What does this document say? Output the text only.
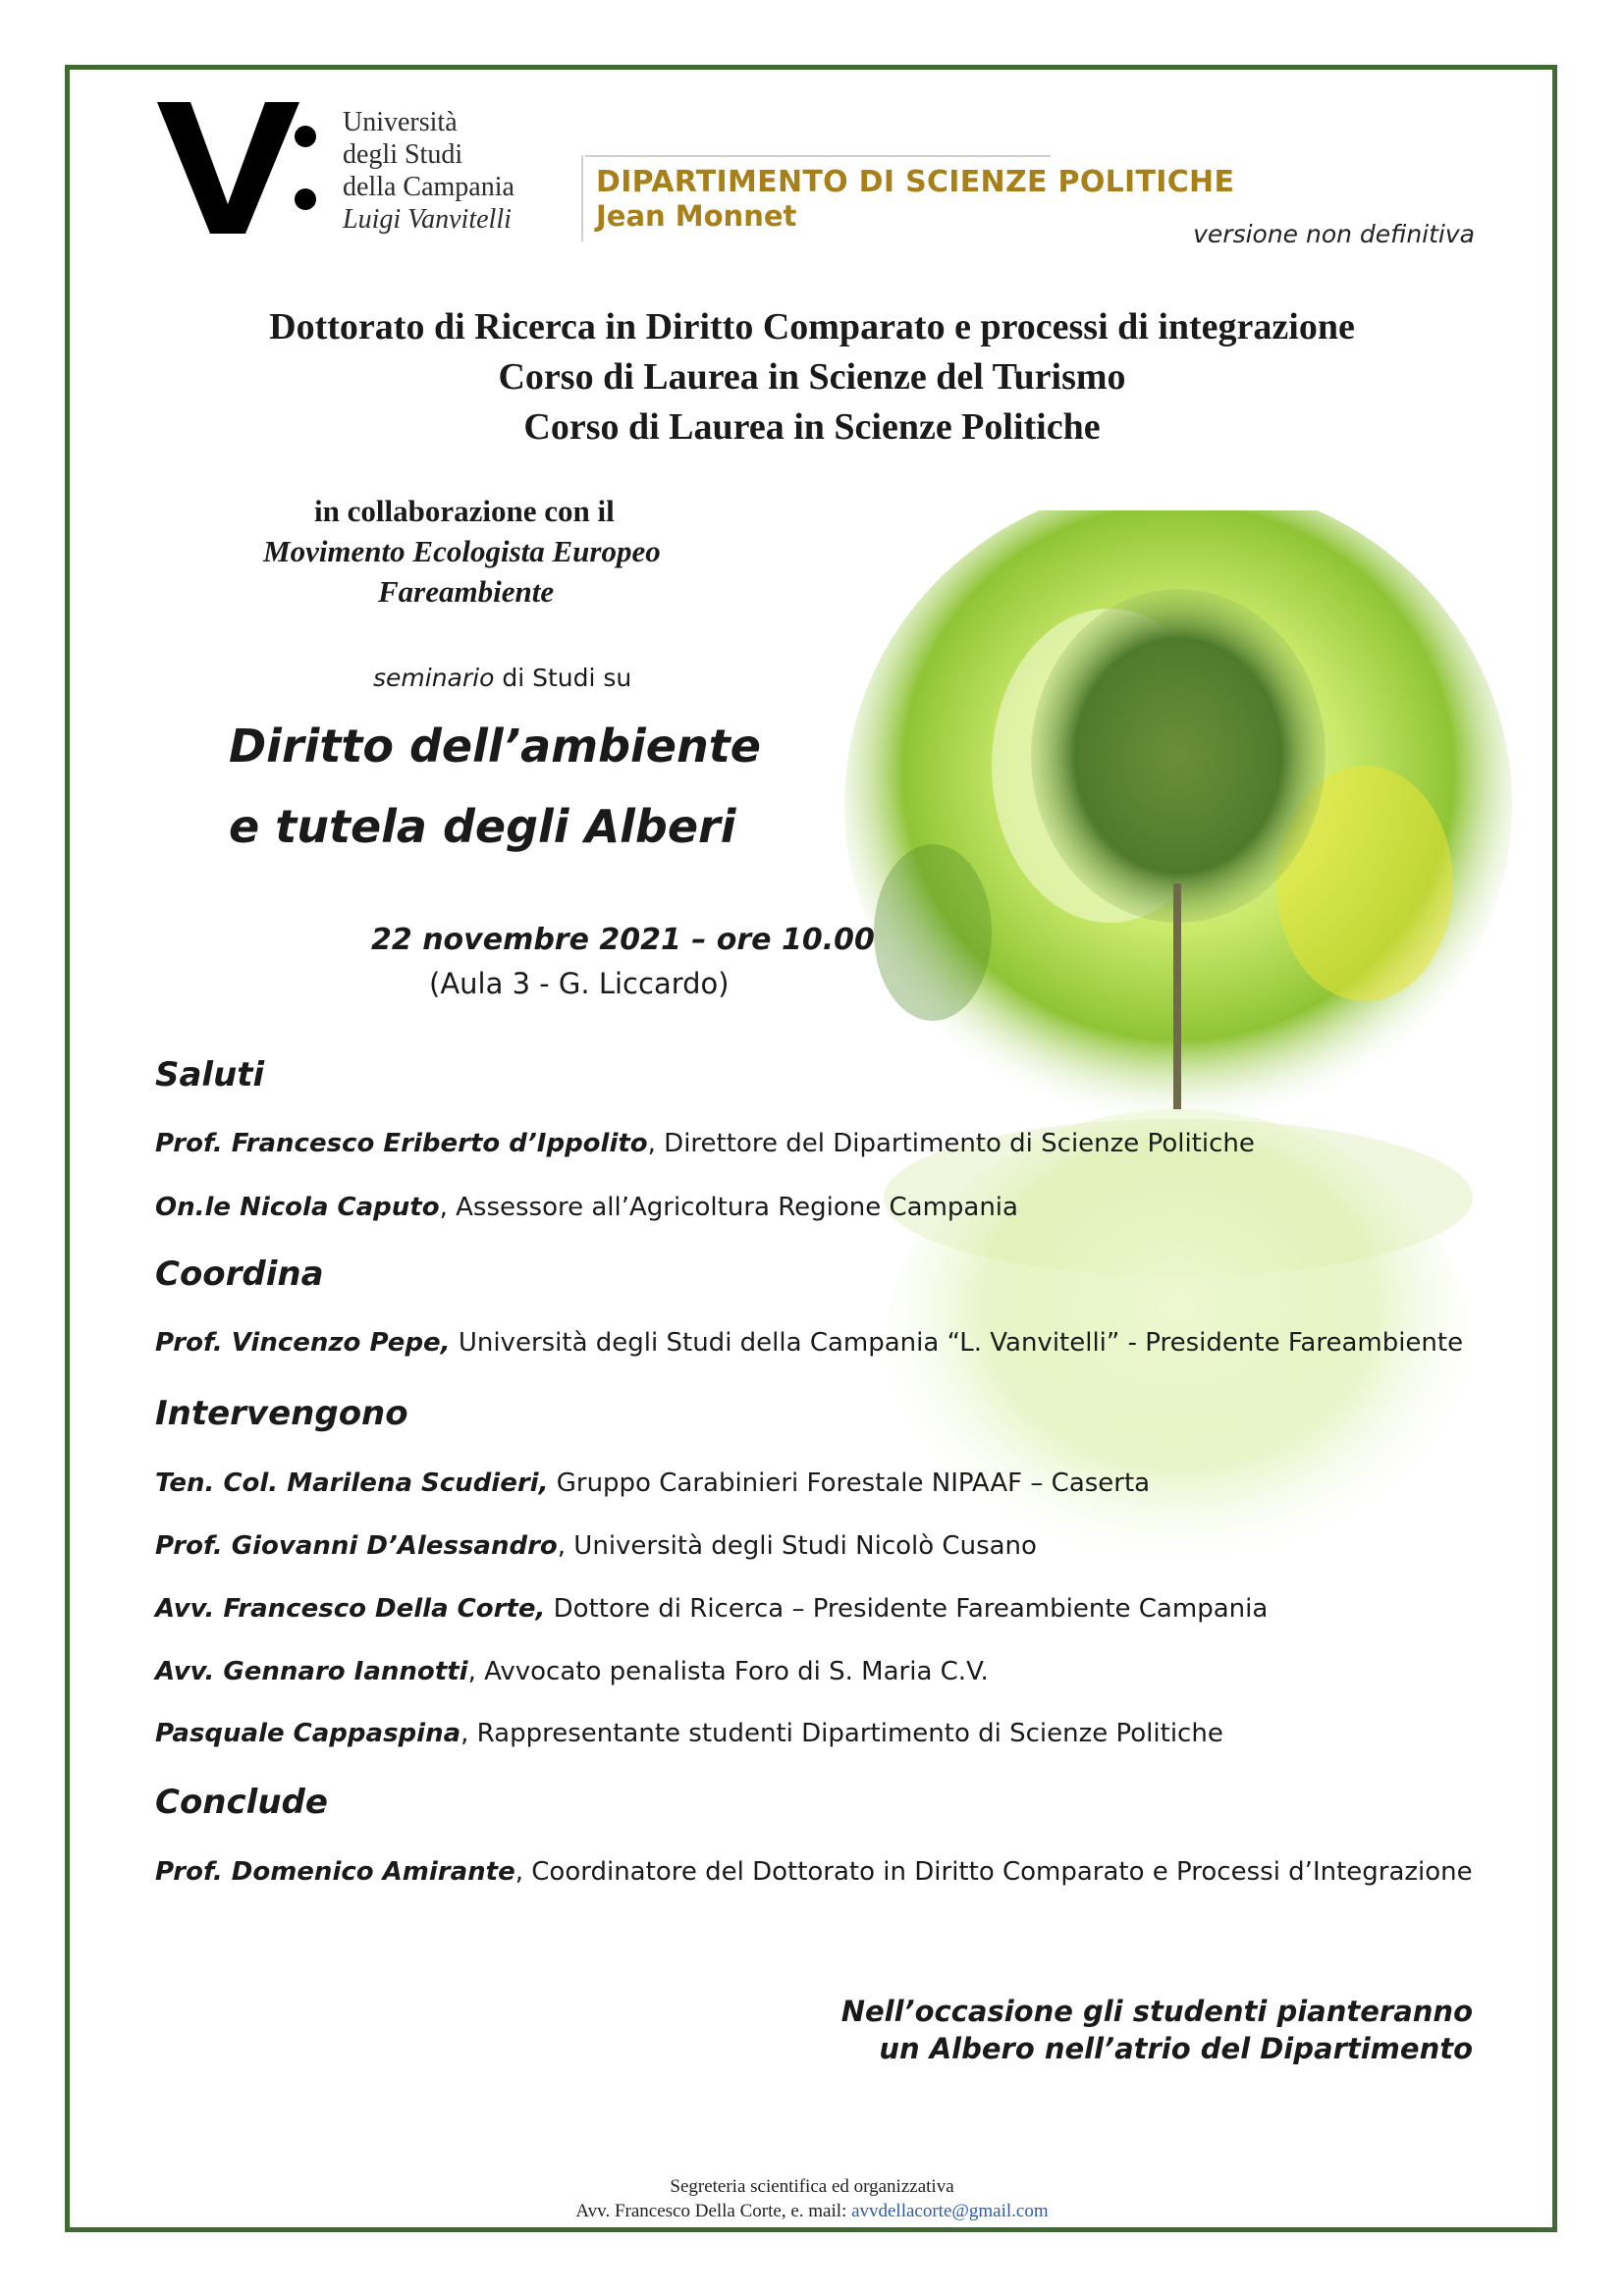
Università
degli Studi
della Campania
Luigi Vanvitelli
DIPARTIMENTO DI SCIENZE POLITICHE
Jean Monnet
versione non definitiva
Dottorato di Ricerca in Diritto Comparato e processi di integrazione
Corso di Laurea in Scienze del Turismo
Corso di Laurea in Scienze Politiche
in collaborazione con il
Movimento Ecologista Europeo
Fareambiente
seminario di Studi su
Diritto dell’ambiente
e tutela degli Alberi
22 novembre 2021 – ore 10.00
(Aula 3 - G. Liccardo)
Saluti
Prof. Francesco Eriberto d’Ippolito, Direttore del Dipartimento di Scienze Politiche
On.le Nicola Caputo, Assessore all’Agricoltura Regione Campania
Coordina
Prof. Vincenzo Pepe, Università degli Studi della Campania “L. Vanvitelli” - Presidente Fareambiente
Intervengono
Ten. Col. Marilena Scudieri, Gruppo Carabinieri Forestale NIPAAF – Caserta
Prof. Giovanni D’Alessandro, Università degli Studi Nicolò Cusano
Avv. Francesco Della Corte, Dottore di Ricerca – Presidente Fareambiente Campania
Avv. Gennaro Iannotti, Avvocato penalista Foro di S. Maria C.V.
Pasquale Cappaspina, Rappresentante studenti Dipartimento di Scienze Politiche
Conclude
Prof. Domenico Amirante, Coordinatore del Dottorato in Diritto Comparato e Processi d’Integrazione
Nell’occasione gli studenti pianteranno
un Albero nell’atrio del Dipartimento
Segreteria scientifica ed organizzativa
Avv. Francesco Della Corte, e. mail: avvdellacorte@gmail.com
